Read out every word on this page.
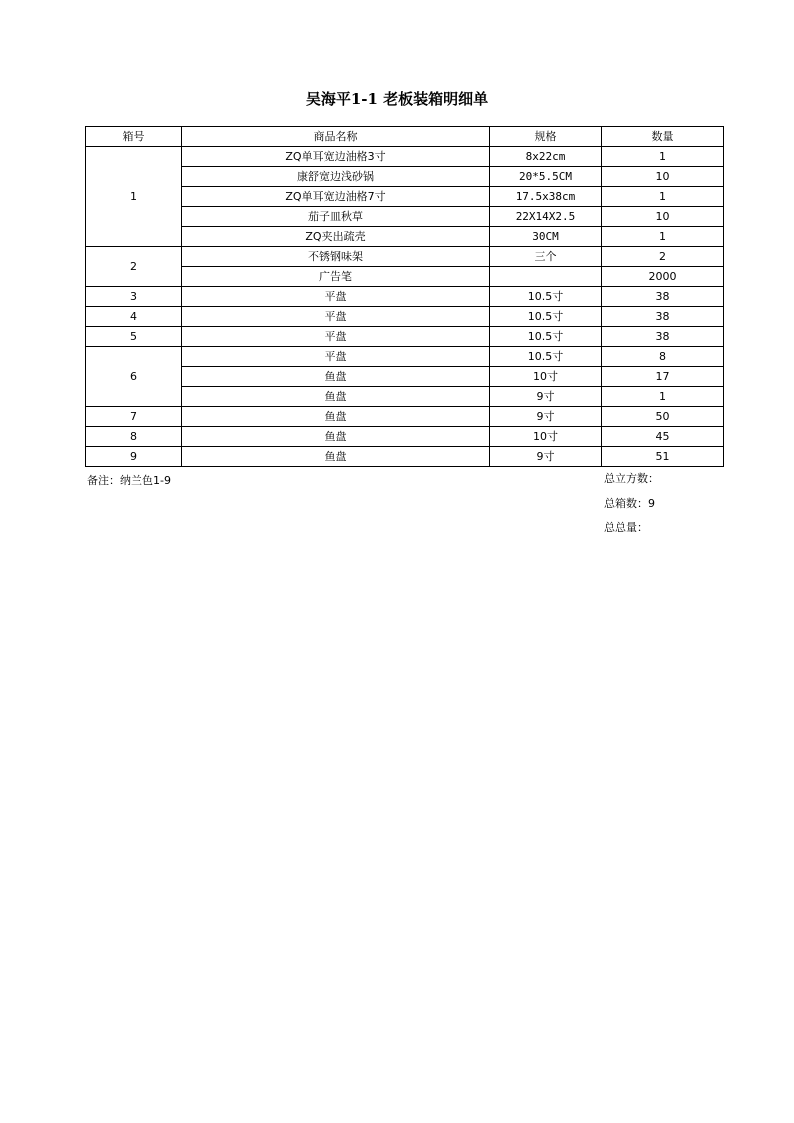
吴海平1-1 老板装箱明细单
箱号	商品名称	规格	数量
1	ZQ单耳宽边油格3寸	8x22cm	1
	康舒宽边浅砂锅	20*5.5CM	10
	ZQ单耳宽边油格7寸	17.5x38cm	1
	茄子皿秋草	22X14X2.5	10
	ZQ夹出疏壳	30CM	1
2	不锈钢味架	三个	2
	广告笔		2000
3	平盘	10.5寸	38
4	平盘	10.5寸	38
5	平盘	10.5寸	38
6	平盘	10.5寸	8
	鱼盘	10寸	17
	鱼盘	9寸	1
7	鱼盘	9寸	50
8	鱼盘	10寸	45
9	鱼盘	9寸	51
备注：纳兰色1-9	总立方数：
总箱数：9
总总量：
